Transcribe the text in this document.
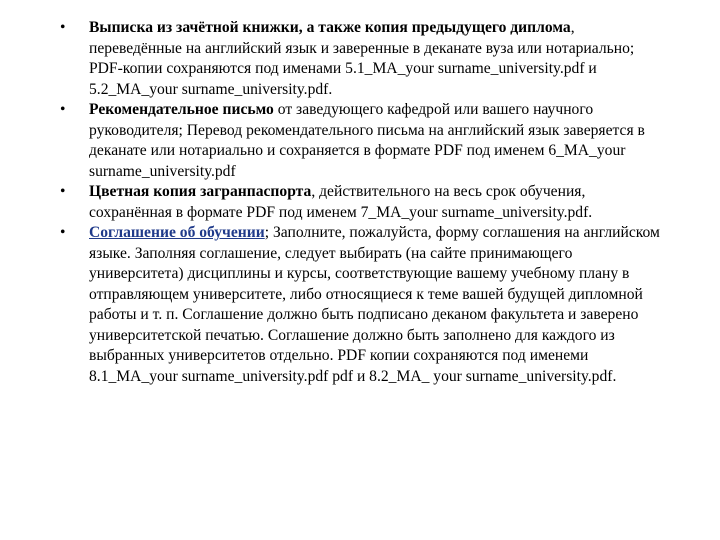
• Выписка из зачётной книжки, а также копия предыдущего диплома, переведённые на английский язык и заверенные в деканате вуза или нотариально; PDF-копии сохраняются под именами 5.1_MA_your surname_university.pdf и 5.2_MA_your surname_university.pdf.
• Рекомендательное письмо от заведующего кафедрой или вашего научного руководителя; Перевод рекомендательного письма на английский язык заверяется в деканате или нотариально и сохраняется в формате PDF под именем 6_MA_your surname_university.pdf
• Цветная копия загранпаспорта, действительного на весь срок обучения, сохранённая в формате PDF под именем 7_MA_your surname_university.pdf.
• Соглашение об обучении; Заполните, пожалуйста, форму соглашения на английском языке. Заполняя соглашение, следует выбирать (на сайте принимающего университета) дисциплины и курсы, соответствующие вашему учебному плану в отправляющем университете, либо относящиеся к теме вашей будущей дипломной работы и т. п. Соглашение должно быть подписано деканом факультета и заверено университетской печатью. Соглашение должно быть заполнено для каждого из выбранных университетов отдельно. PDF копии сохраняются под именеми 8.1_MA_your surname_university.pdf pdf и 8.2_MA_ your surname_university.pdf.
